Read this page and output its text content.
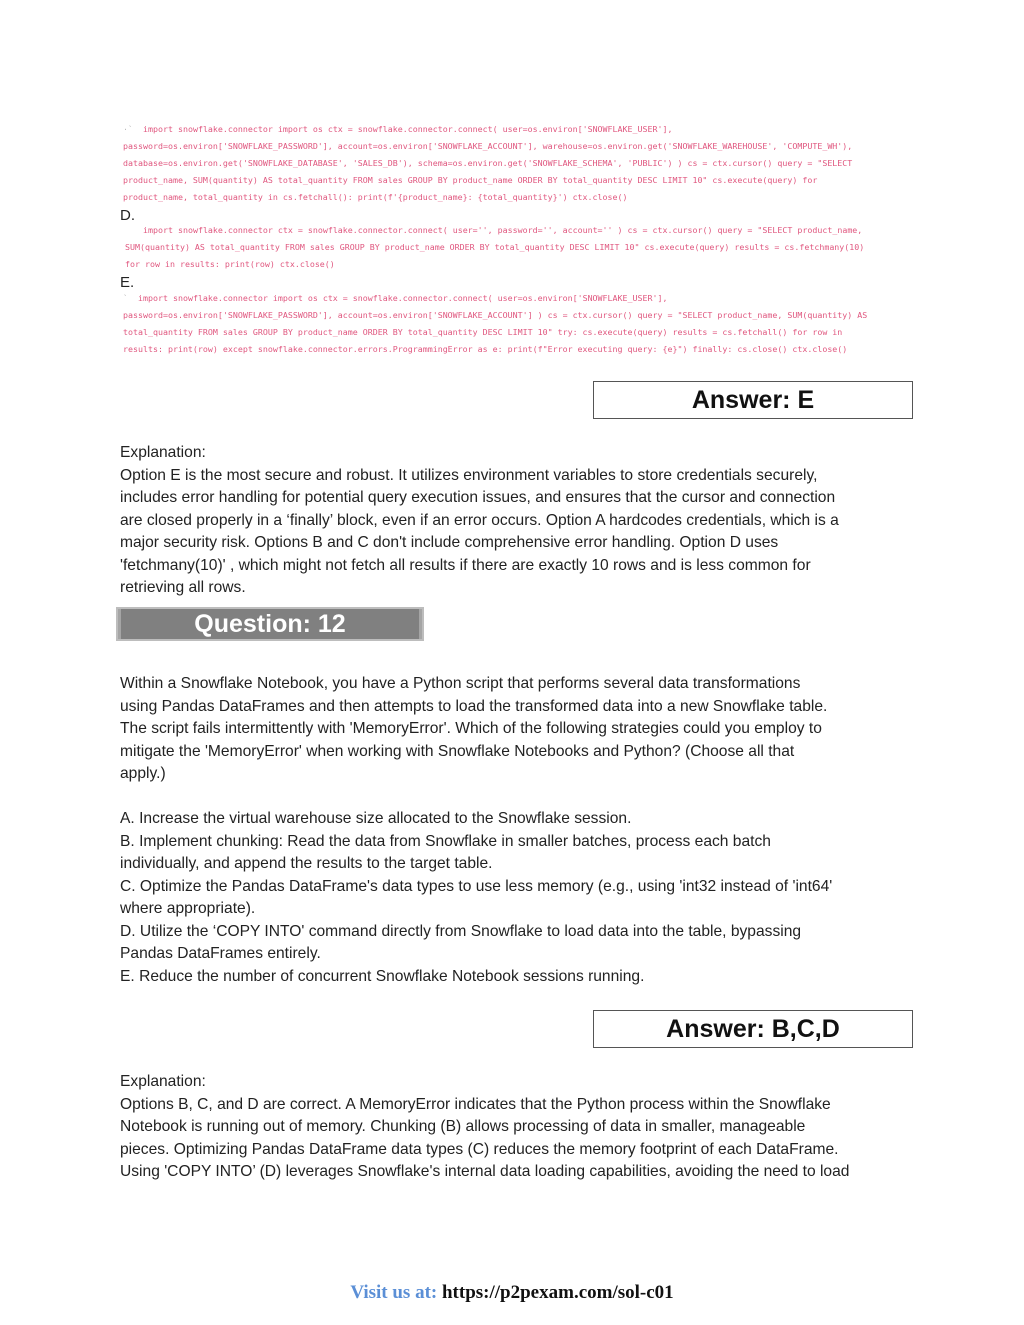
·` import snowflake.connector import os ctx = snowflake.connector.connect( user=os.environ['SNOWFLAKE_USER'],
password=os.environ['SNOWFLAKE_PASSWORD'], account=os.environ['SNOWFLAKE_ACCOUNT'], warehouse=os.environ.get('SNOWFLAKE_WAREHOUSE', 'COMPUTE_WH'),
database=os.environ.get('SNOWFLAKE_DATABASE', 'SALES_DB'), schema=os.environ.get('SNOWFLAKE_SCHEMA', 'PUBLIC') ) cs = ctx.cursor() query = "SELECT
product_name, SUM(quantity) AS total_quantity FROM sales GROUP BY product_name ORDER BY total_quantity DESC LIMIT 10" cs.execute(query) for
product_name, total_quantity in cs.fetchall(): print(f'{product_name}: {total_quantity}') ctx.close()
D.
import snowflake.connector ctx = snowflake.connector.connect( user='', password='', account='' ) cs = ctx.cursor() query = "SELECT product_name,
SUM(quantity) AS total_quantity FROM sales GROUP BY product_name ORDER BY total_quantity DESC LIMIT 10" cs.execute(query) results = cs.fetchmany(10)
for row in results: print(row) ctx.close()
E.
` import snowflake.connector import os ctx = snowflake.connector.connect( user=os.environ['SNOWFLAKE_USER'],
password=os.environ['SNOWFLAKE_PASSWORD'], account=os.environ['SNOWFLAKE_ACCOUNT'] ) cs = ctx.cursor() query = "SELECT product_name, SUM(quantity) AS
total_quantity FROM sales GROUP BY product_name ORDER BY total_quantity DESC LIMIT 10" try: cs.execute(query) results = cs.fetchall() for row in
results: print(row) except snowflake.connector.errors.ProgrammingError as e: print(f"Error executing query: {e}") finally: cs.close() ctx.close()
Answer: E
Explanation:
Option E is the most secure and robust. It utilizes environment variables to store credentials securely,
includes error handling for potential query execution issues, and ensures that the cursor and connection
are closed properly in a ‘finally’ block, even if an error occurs. Option A hardcodes credentials, which is a
major security risk. Options B and C don't include comprehensive error handling. Option D uses
'fetchmany(10)' , which might not fetch all results if there are exactly 10 rows and is less common for
retrieving all rows.
Question: 12
Within a Snowflake Notebook, you have a Python script that performs several data transformations
using Pandas DataFrames and then attempts to load the transformed data into a new Snowflake table.
The script fails intermittently with 'MemoryError'. Which of the following strategies could you employ to
mitigate the 'MemoryError' when working with Snowflake Notebooks and Python? (Choose all that
apply.)
A. Increase the virtual warehouse size allocated to the Snowflake session.
B. Implement chunking: Read the data from Snowflake in smaller batches, process each batch
individually, and append the results to the target table.
C. Optimize the Pandas DataFrame's data types to use less memory (e.g., using 'int32 instead of 'int64'
where appropriate).
D. Utilize the ‘COPY INTO' command directly from Snowflake to load data into the table, bypassing
Pandas DataFrames entirely.
E. Reduce the number of concurrent Snowflake Notebook sessions running.
Answer: B,C,D
Explanation:
Options B, C, and D are correct. A MemoryError indicates that the Python process within the Snowflake
Notebook is running out of memory. Chunking (B) allows processing of data in smaller, manageable
pieces. Optimizing Pandas DataFrame data types (C) reduces the memory footprint of each DataFrame.
Using 'COPY INTO’ (D) leverages Snowflake's internal data loading capabilities, avoiding the need to load
Visit us at: https://p2pexam.com/sol-c01
